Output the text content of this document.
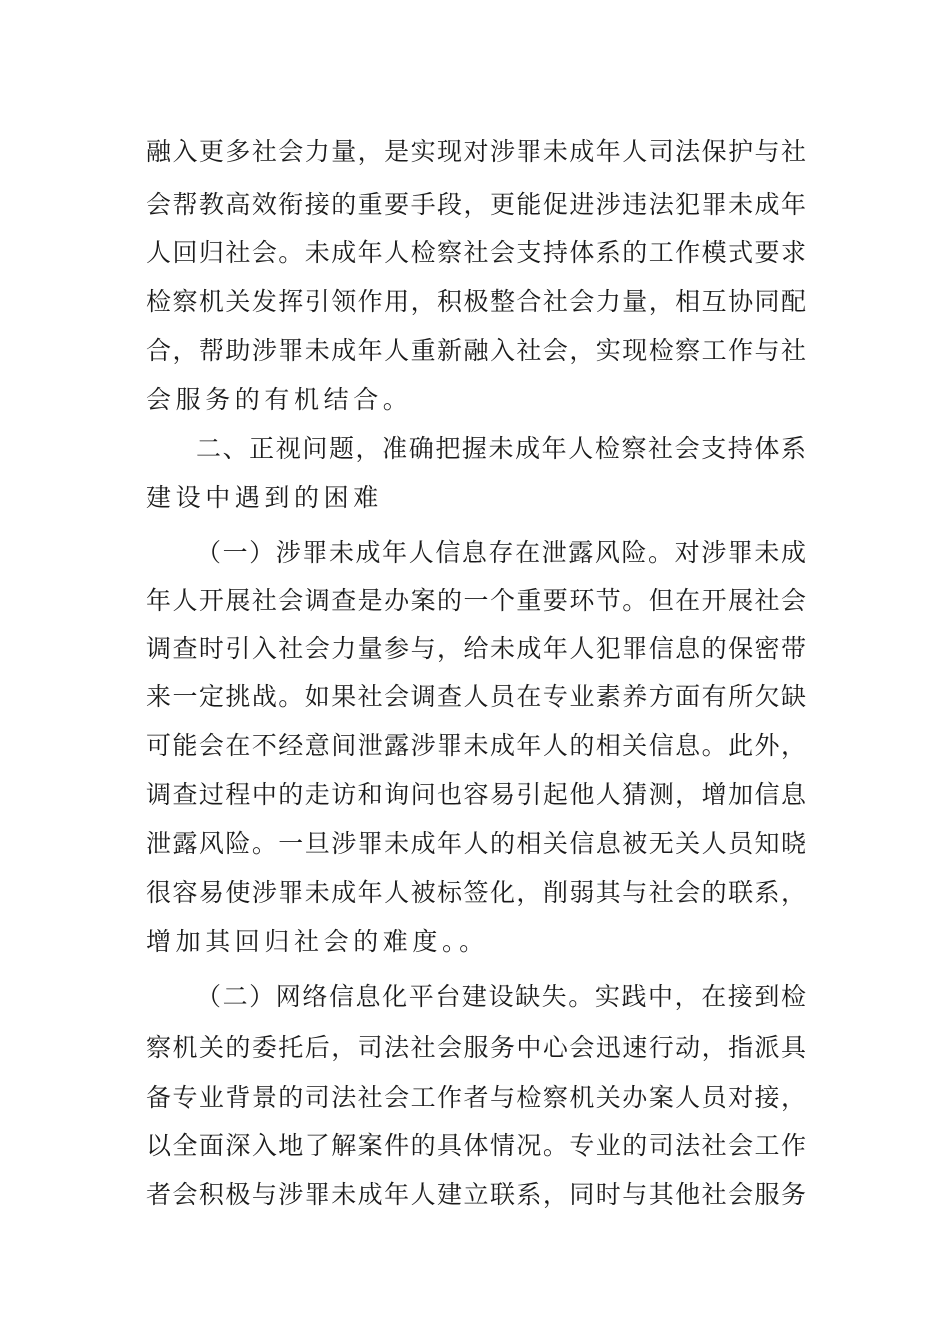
融入更多社会力量，是实现对涉罪未成年人司法保护与社
会帮教高效衔接的重要手段，更能促进涉违法犯罪未成年
人回归社会。未成年人检察社会支持体系的工作模式要求
检察机关发挥引领作用，积极整合社会力量，相互协同配
合，帮助涉罪未成年人重新融入社会，实现检察工作与社
会服务的有机结合。
二、正视问题，准确把握未成年人检察社会支持体系
建设中遇到的困难
（一）涉罪未成年人信息存在泄露风险。对涉罪未成
年人开展社会调查是办案的一个重要环节。但在开展社会
调查时引入社会力量参与，给未成年人犯罪信息的保密带
来一定挑战。如果社会调查人员在专业素养方面有所欠缺
可能会在不经意间泄露涉罪未成年人的相关信息。此外，
调查过程中的走访和询问也容易引起他人猜测，增加信息
泄露风险。一旦涉罪未成年人的相关信息被无关人员知晓
很容易使涉罪未成年人被标签化，削弱其与社会的联系，
增加其回归社会的难度。。
（二）网络信息化平台建设缺失。实践中，在接到检
察机关的委托后，司法社会服务中心会迅速行动，指派具
备专业背景的司法社会工作者与检察机关办案人员对接，
以全面深入地了解案件的具体情况。专业的司法社会工作
者会积极与涉罪未成年人建立联系，同时与其他社会服务
